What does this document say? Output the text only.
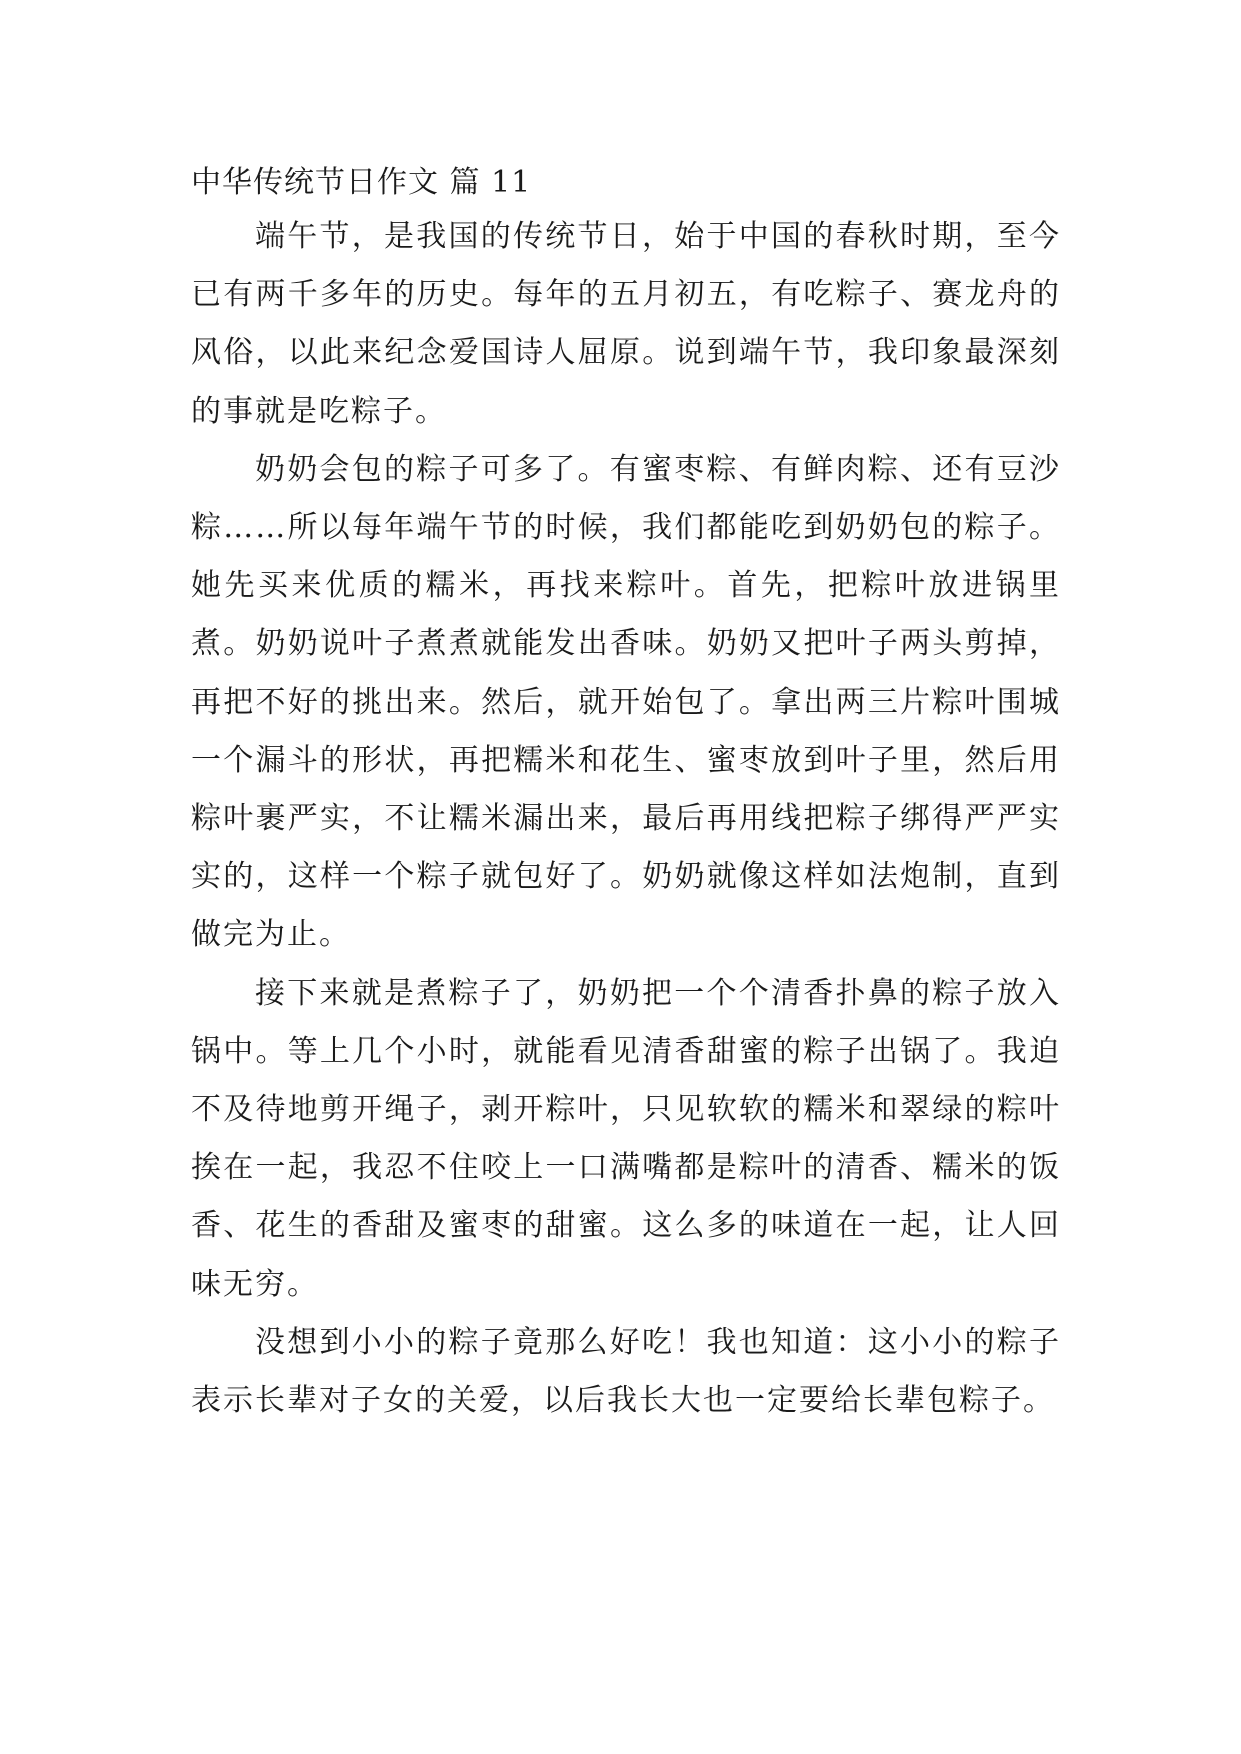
中华传统节日作文 篇 11

端午节，是我国的传统节日，始于中国的春秋时期，至今已有两千多年的历史。每年的五月初五，有吃粽子、赛龙舟的风俗，以此来纪念爱国诗人屈原。说到端午节，我印象最深刻的事就是吃粽子。

奶奶会包的粽子可多了。有蜜枣粽、有鲜肉粽、还有豆沙粽……所以每年端午节的时候，我们都能吃到奶奶包的粽子。她先买来优质的糯米，再找来粽叶。首先，把粽叶放进锅里煮。奶奶说叶子煮煮就能发出香味。奶奶又把叶子两头剪掉，再把不好的挑出来。然后，就开始包了。拿出两三片粽叶围城一个漏斗的形状，再把糯米和花生、蜜枣放到叶子里，然后用粽叶裹严实，不让糯米漏出来，最后再用线把粽子绑得严严实实的，这样一个粽子就包好了。奶奶就像这样如法炮制，直到做完为止。

接下来就是煮粽子了，奶奶把一个个清香扑鼻的粽子放入锅中。等上几个小时，就能看见清香甜蜜的粽子出锅了。我迫不及待地剪开绳子，剥开粽叶，只见软软的糯米和翠绿的粽叶挨在一起，我忍不住咬上一口满嘴都是粽叶的清香、糯米的饭香、花生的香甜及蜜枣的甜蜜。这么多的味道在一起，让人回味无穷。

没想到小小的粽子竟那么好吃！我也知道：这小小的粽子表示长辈对子女的关爱，以后我长大也一定要给长辈包粽子。
